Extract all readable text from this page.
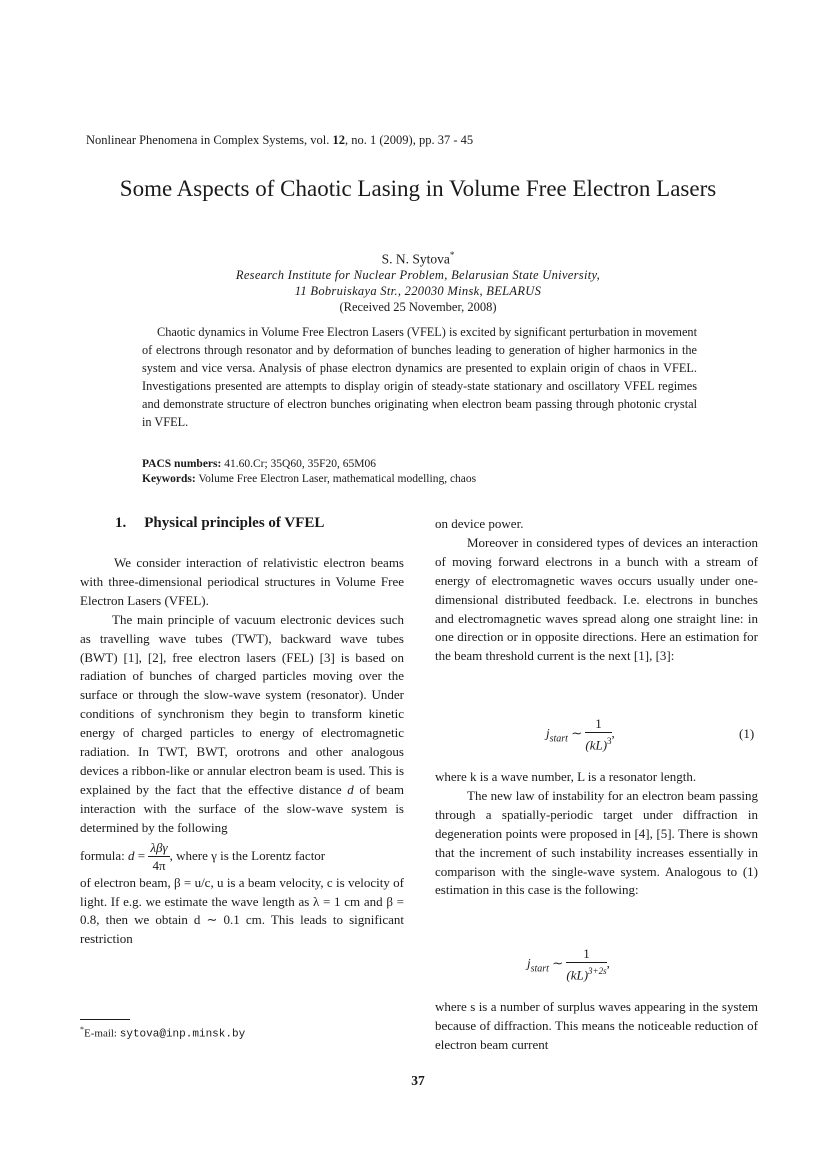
Nonlinear Phenomena in Complex Systems, vol. 12, no. 1 (2009), pp. 37 - 45
Some Aspects of Chaotic Lasing in Volume Free Electron Lasers
S. N. Sytova*
Research Institute for Nuclear Problem, Belarusian State University,
11 Bobruiskaya Str., 220030 Minsk, BELARUS
(Received 25 November, 2008)
Chaotic dynamics in Volume Free Electron Lasers (VFEL) is excited by significant perturbation in movement of electrons through resonator and by deformation of bunches leading to generation of higher harmonics in the system and vice versa. Analysis of phase electron dynamics are presented to explain origin of chaos in VFEL. Investigations presented are attempts to display origin of steady-state stationary and oscillatory VFEL regimes and demonstrate structure of electron bunches originating when electron beam passing through photonic crystal in VFEL.
PACS numbers: 41.60.Cr; 35Q60, 35F20, 65M06
Keywords: Volume Free Electron Laser, mathematical modelling, chaos
1. Physical principles of VFEL

We consider interaction of relativistic electron beams with three-dimensional periodical structures in Volume Free Electron Lasers (VFEL).

The main principle of vacuum electronic devices such as travelling wave tubes (TWT), backward wave tubes (BWT) [1], [2], free electron lasers (FEL) [3] is based on radiation of bunches of charged particles moving over the surface or through the slow-wave system (resonator). Under conditions of synchronism they begin to transform kinetic energy of charged particles to energy of electromagnetic radiation. In TWT, BWT, orotrons and other analogous devices a ribbon-like or annular electron beam is used. This is explained by the fact that the effective distance d of beam interaction with the surface of the slow-wave system is determined by the following

formula: $d = \frac{\text{λβγ}}{4\pi}$ , where γ is the Lorentz factor

of electron beam, β = u/c, u is a beam velocity, c is velocity of light. If e.g. we estimate the wave length as λ = 1 cm and β = 0.8, then we obtain d ∼ 0.1 cm. This leads to significant restriction

*E-mail: sytova@inp.minsk.by

on device power.

Moreover in considered types of devices an interaction of moving forward electrons in a bunch with a stream of energy of electromagnetic waves occurs usually under one-dimensional distributed feedback. I.e. electrons in bunches and electromagnetic waves spread along one straight line: in one direction or in opposite directions. Here an estimation for the beam threshold current is the next [1], [3]:

$j_{start}$ ∼ $\frac{1}{(kL)^3}$ ,	(1)

where k is a wave number, L is a resonator length.

The new law of instability for an electron beam passing through a spatially-periodic target under diffraction in degeneration points were proposed in [4], [5]. There is shown that the increment of such instability increases essentially in comparison with the single-wave system. Analogous to (1) estimation in this case is the following:

$j_{start}$ ∼ $\frac{1}{(kL)^{3+2s}}$ ,

where s is a number of surplus waves appearing in the system because of diffraction. This means the noticeable reduction of electron beam current

37
